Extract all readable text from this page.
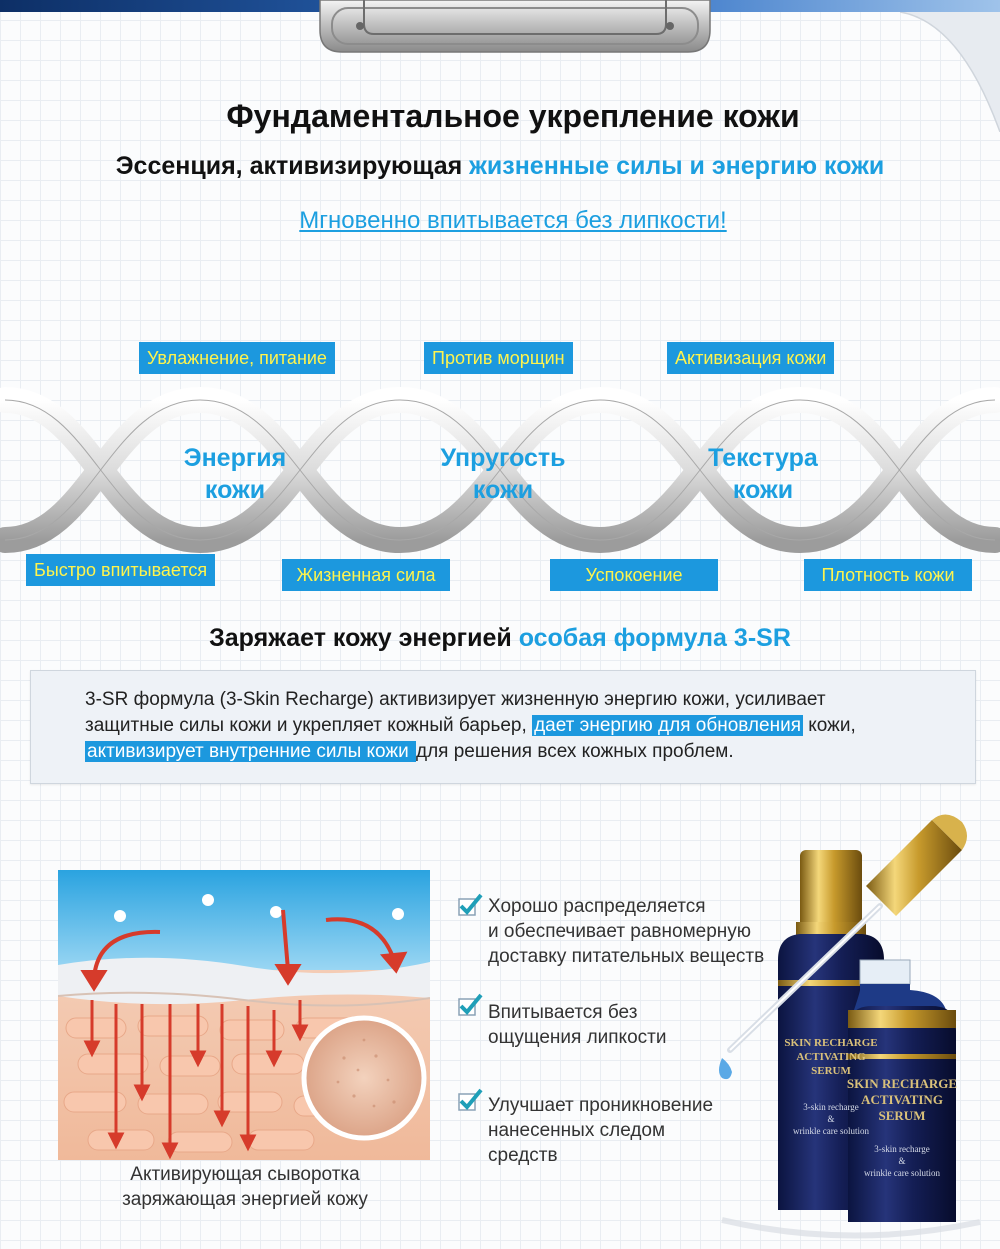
Фундаментальное укрепление кожи
Эссенция, активизирующая жизненные силы и энергию кожи
Мгновенно впитывается без липкости!
Увлажнение, питание	Против морщин	Активизация кожи
Энергия
кожи
Упругость
кожи
Текстура
кожи
Быстро впитывается	Жизненная сила	Успокоение	Плотность кожи
Заряжает кожу энергией особая формула 3-SR

3-SR формула (3-Skin Recharge) активизирует жизненную энергию кожи, усиливает защитные силы кожи и укрепляет кожный барьер, дает энергию для обновления кожи, активизирует внутренние силы кожи для решения всех кожных проблем.

Активирующая сыворотка
заряжающая энергией кожу
Хорошо распределяется
и обеспечивает равномерную
доставку питательных веществ
Впитывается без
ощущения липкости
Улучшает проникновение
нанесенных следом
средств
SKIN RECHARGE
ACTIVATING
SERUM
SKIN RECHARGE
ACTIVATING
SERUM
3-skin recharge
&
wrinkle care solution
3-skin recharge
&
wrinkle care solution
